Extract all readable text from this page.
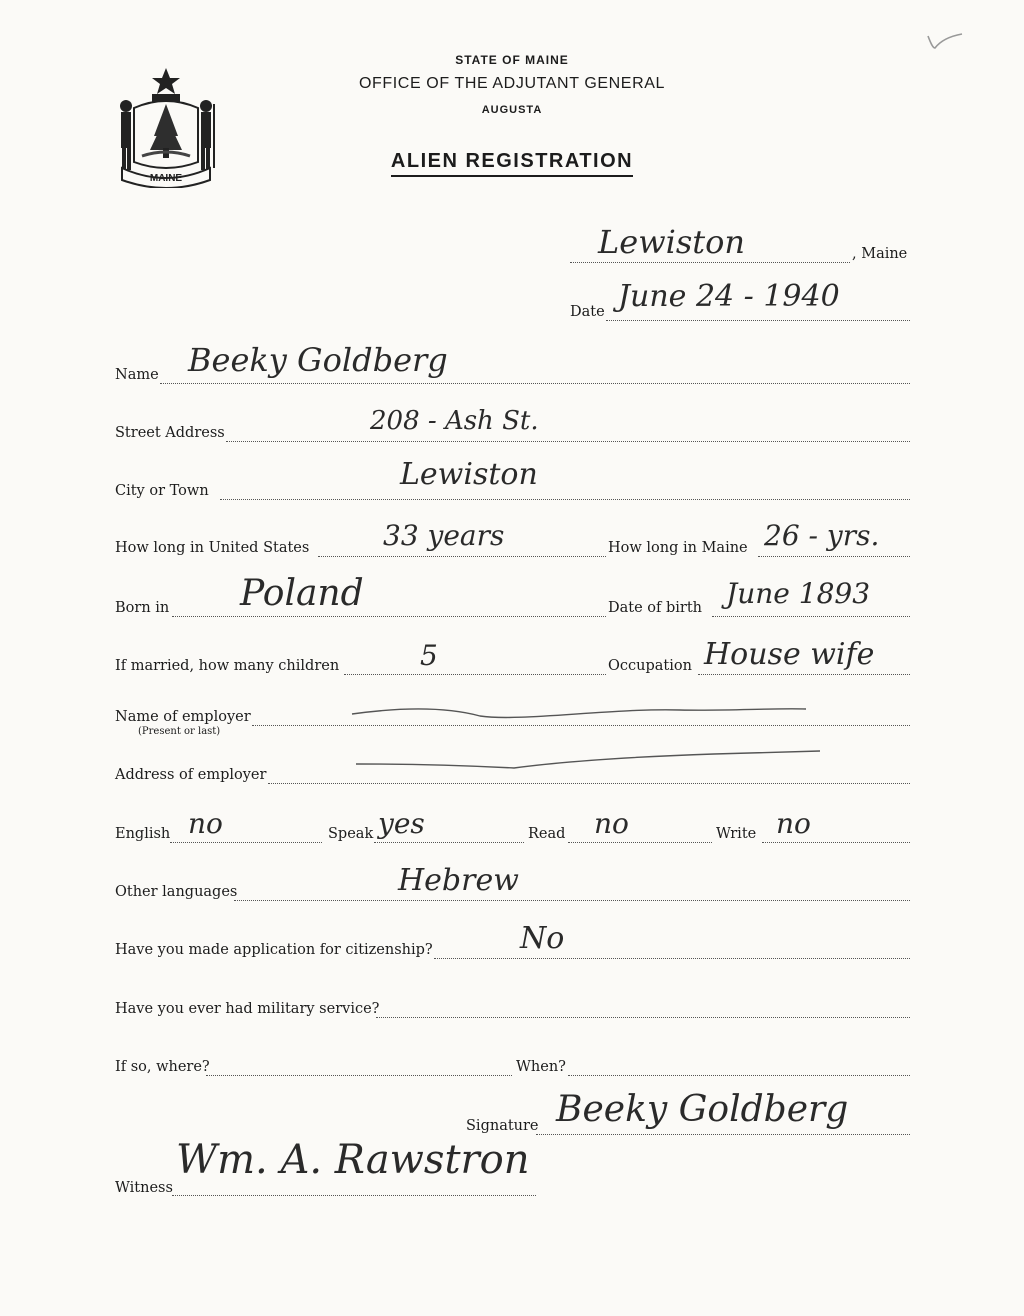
MAINE
STATE OF MAINE
OFFICE OF THE ADJUTANT GENERAL
AUGUSTA
ALIEN REGISTRATION
Lewiston	, Maine
Date June 24 - 1940
Name Beeky Goldberg
Street Address	208 - Ash St.
City or Town	Lewiston
How long in United States	33 years	How long in Maine 26 - yrs.
Born in Poland	Date of birth June 1893
If married, how many children	5	Occupation House wife
Name of employer
(Present or last)
Address of employer
English no	Speak yes	Read no	Write no
Other languages	Hebrew
Have you made application for citizenship?	No
Have you ever had military service?
If so, where?	When?
Signature Beeky Goldberg
Witness
Wm. A. Rawstron
